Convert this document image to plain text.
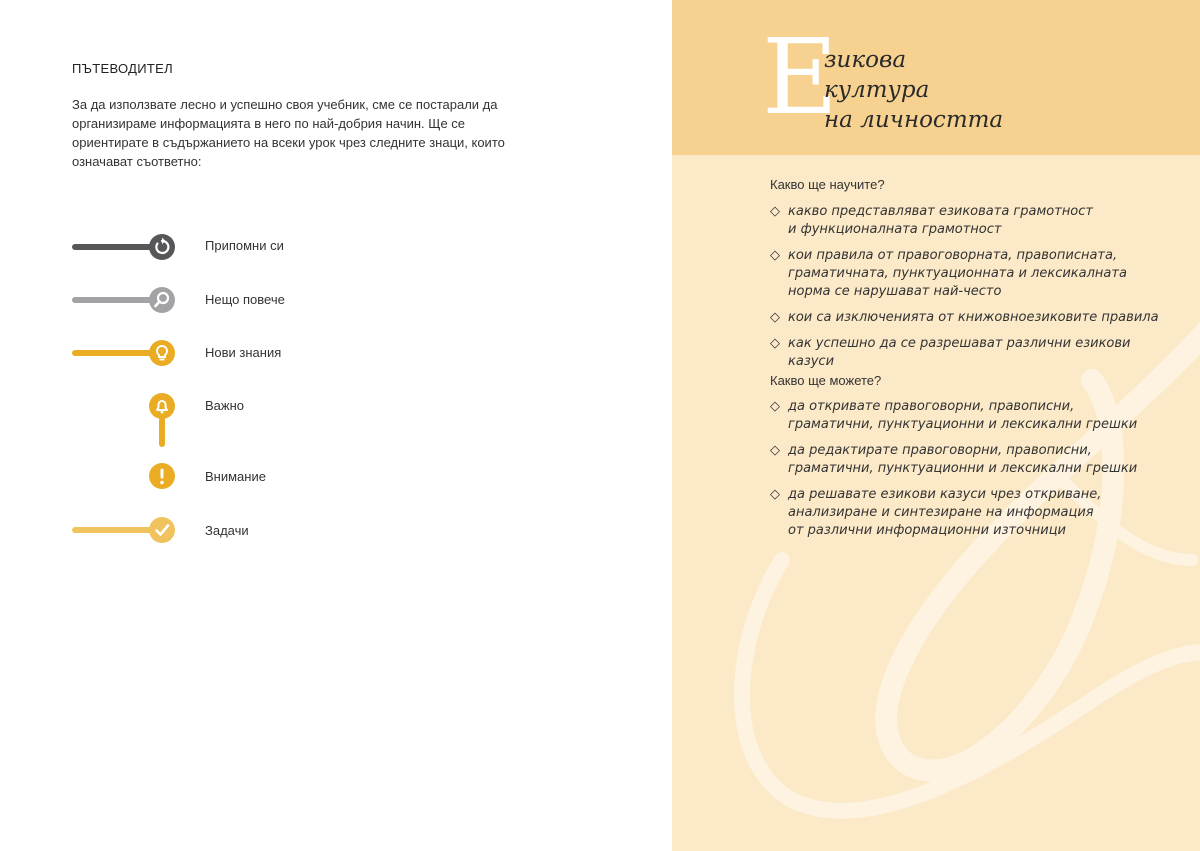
ПЪТЕВОДИТЕЛ
За да използвате лесно и успешно своя учебник, сме се постарали да организираме информацията в него по най-добрия начин. Ще се ориентирате в съдържанието на всеки урок чрез следните знаци, които означават съответно:
Припомни си
Нещо повече
Нови знания
Важно
Внимание
Задачи
Е
зикова
култура
на личността
Какво ще научите?
◇ какво представляват езиковата грамотност
и функционалната грамотност
◇ кои правила от правоговорната, правописната,
граматичната, пунктуационната и лексикалната
норма се нарушават най-често
◇ кои са изключенията от книжовноезиковите правила
◇ как успешно да се разрешават различни езикови казуси
Какво ще можете?
◇ да откривате правоговорни, правописни,
граматични, пунктуационни и лексикални грешки
◇ да редактирате правоговорни, правописни,
граматични, пунктуационни и лексикални грешки
◇ да решавате езикови казуси чрез откриване,
анализиране и синтезиране на информация
от различни информационни източници
